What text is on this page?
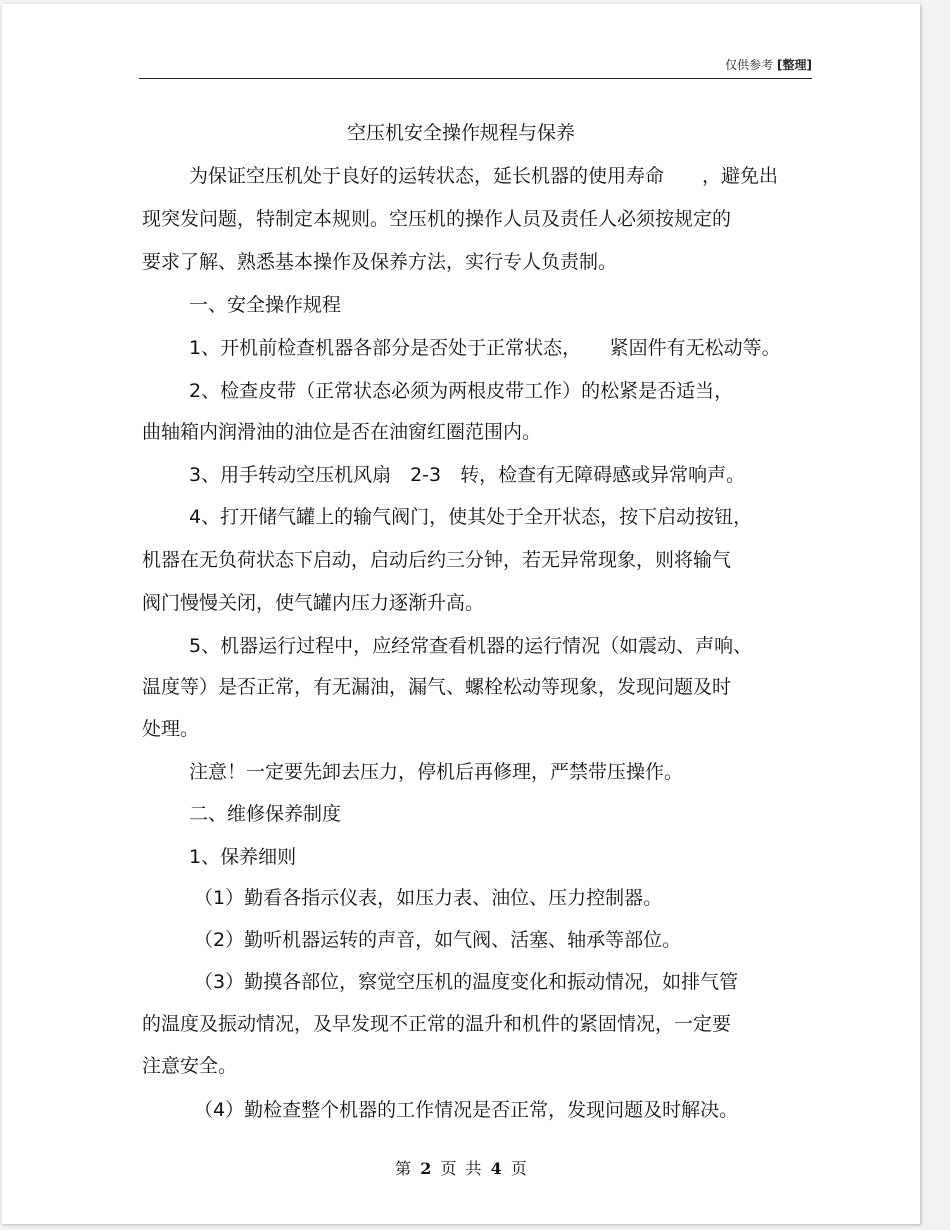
仅供参考 [整理]
空压机安全操作规程与保养
为保证空压机处于良好的运转状态，延长机器的使用寿命　　，避免出
现突发问题，特制定本规则。空压机的操作人员及责任人必须按规定的
要求了解、熟悉基本操作及保养方法，实行专人负责制。
一、安全操作规程
1、开机前检查机器各部分是否处于正常状态，　　紧固件有无松动等。
2、检查皮带（正常状态必须为两根皮带工作）的松紧是否适当，
曲轴箱内润滑油的油位是否在油窗红圈范围内。
3、用手转动空压机风扇　2-3　转，检查有无障碍感或异常响声。
4、打开储气罐上的输气阀门，使其处于全开状态，按下启动按钮，
机器在无负荷状态下启动，启动后约三分钟，若无异常现象，则将输气
阀门慢慢关闭，使气罐内压力逐渐升高。
5、机器运行过程中，应经常查看机器的运行情况（如震动、声响、
温度等）是否正常，有无漏油，漏气、螺栓松动等现象，发现问题及时
处理。
注意！一定要先卸去压力，停机后再修理，严禁带压操作。
二、维修保养制度
1、保养细则
（1）勤看各指示仪表，如压力表、油位、压力控制器。
（2）勤听机器运转的声音，如气阀、活塞、轴承等部位。
（3）勤摸各部位，察觉空压机的温度变化和振动情况，如排气管
的温度及振动情况，及早发现不正常的温升和机件的紧固情况，一定要
注意安全。
（4）勤检查整个机器的工作情况是否正常，发现问题及时解决。
第 2 页 共 4 页
